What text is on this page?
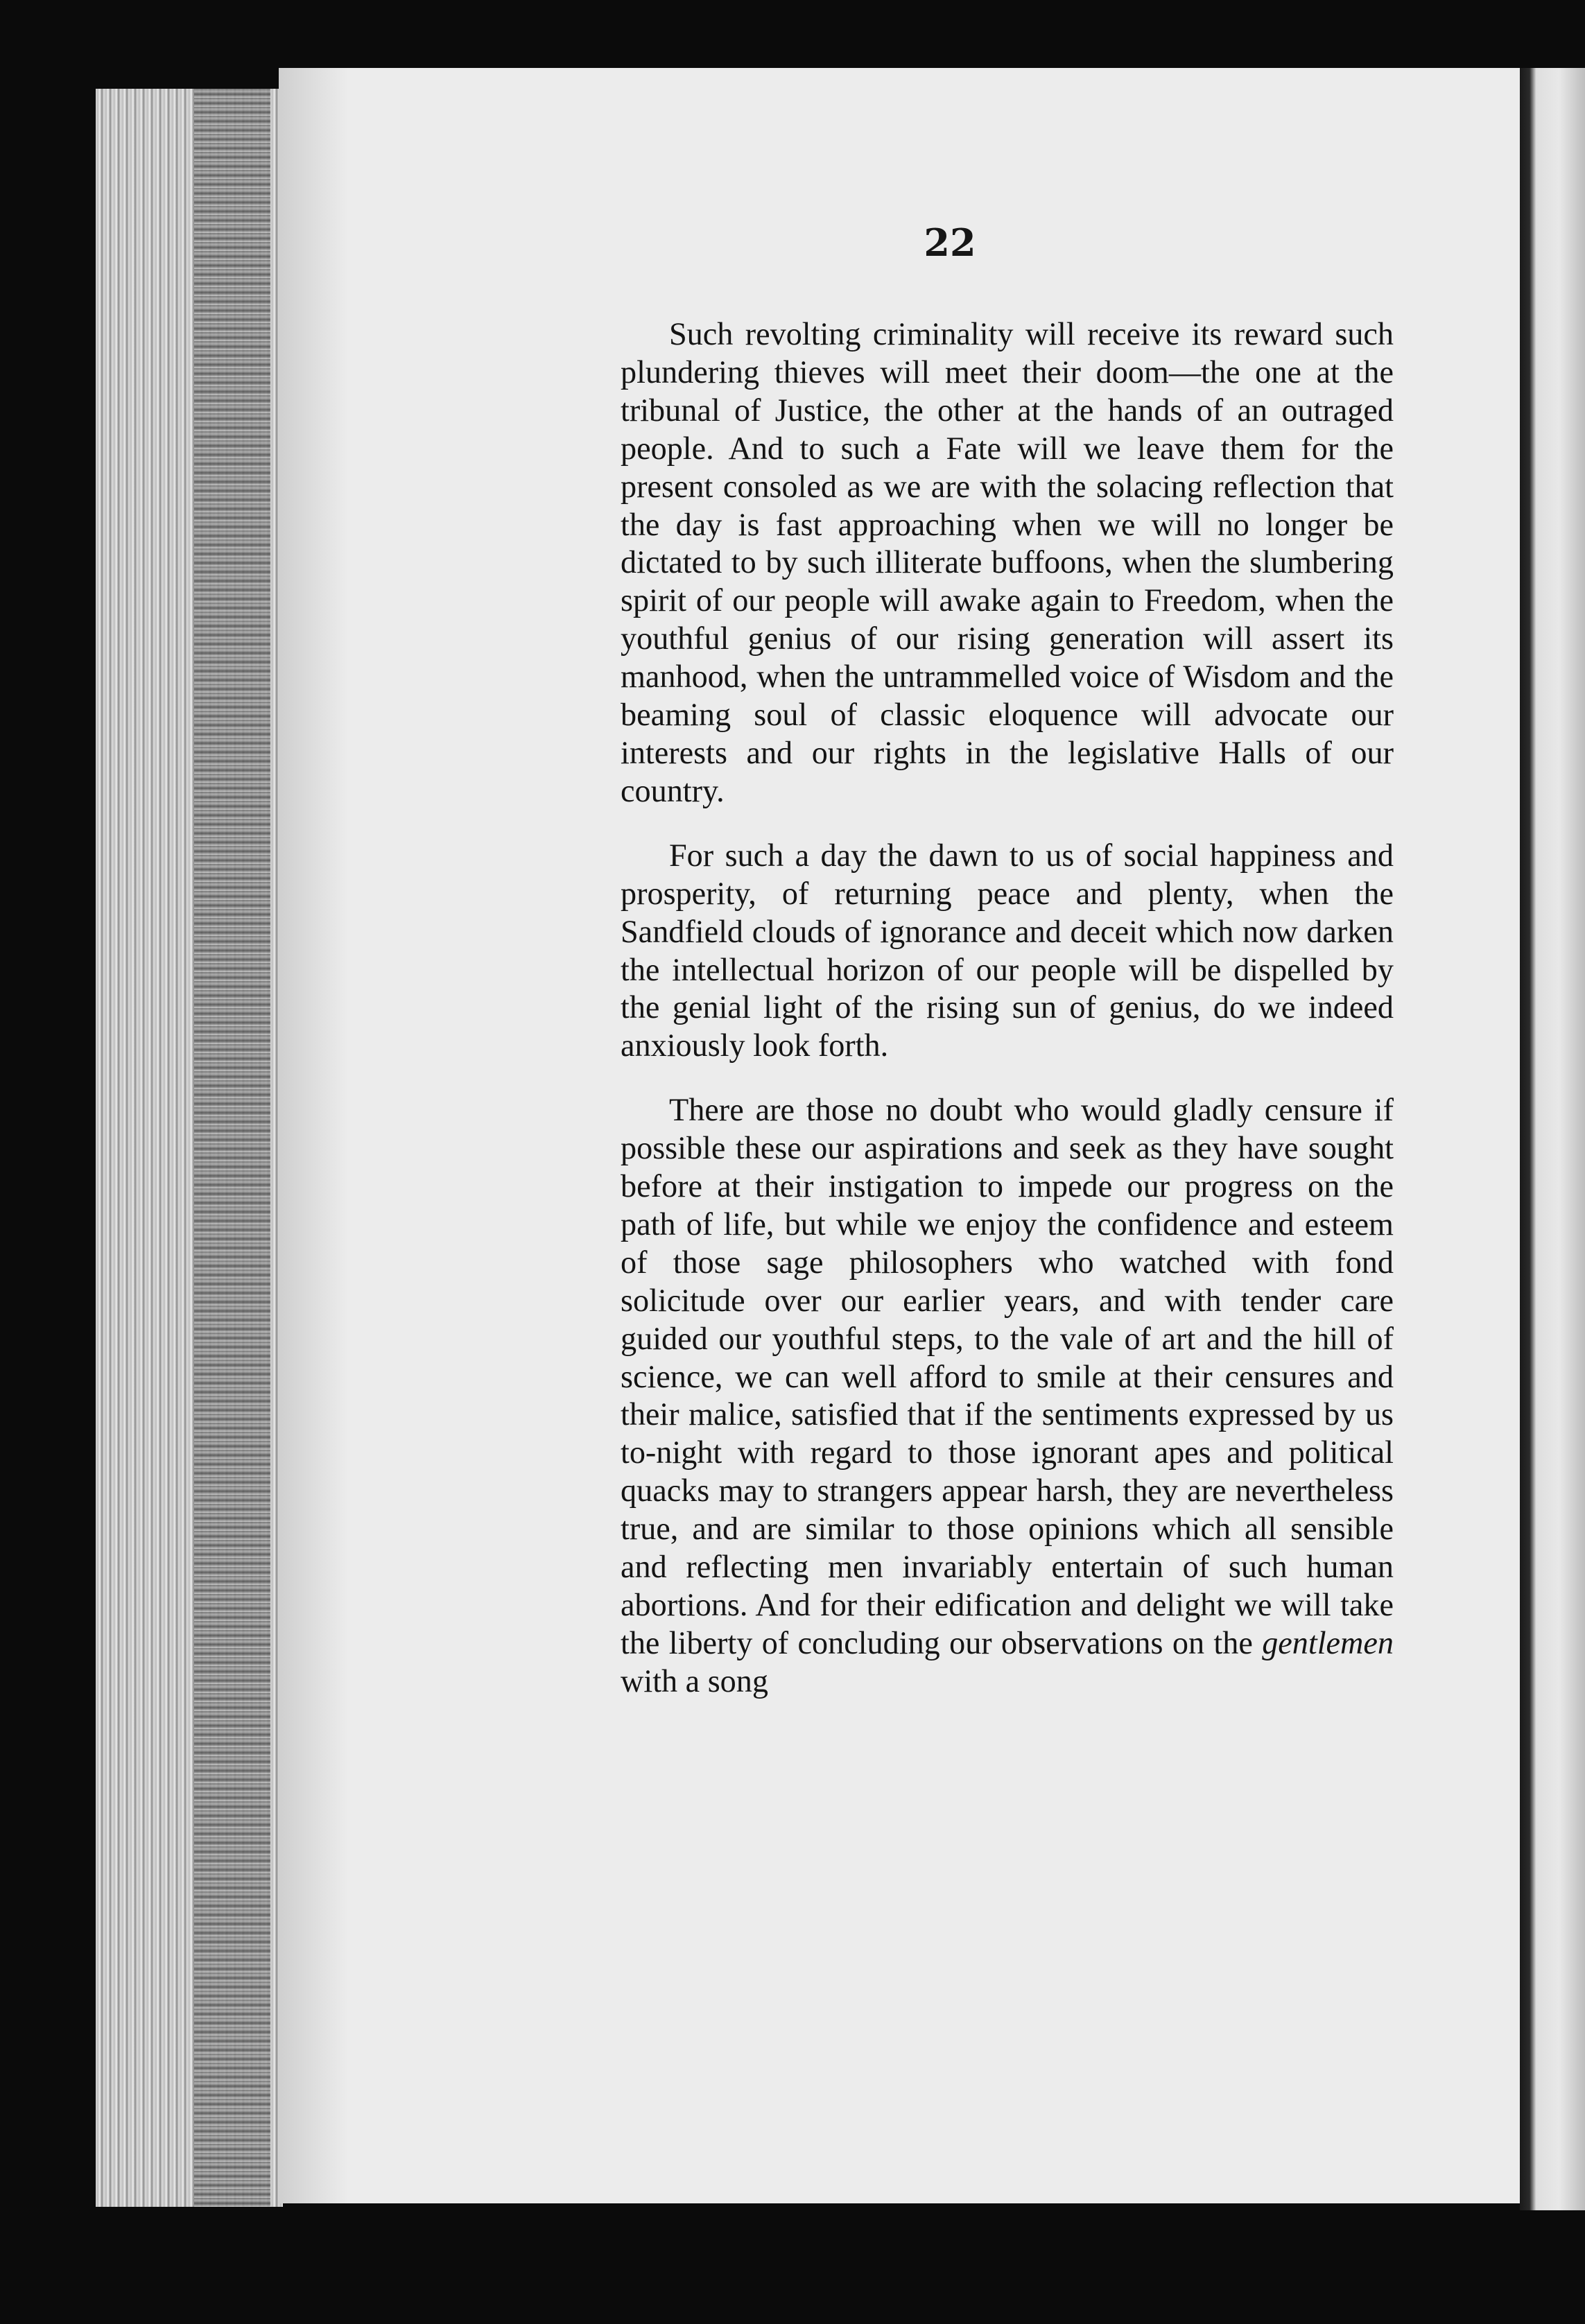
22

Such revolting criminality will receive its reward such plundering thieves will meet their doom—the one at the tribunal of Justice, the other at the hands of an outraged people. And to such a Fate will we leave them for the present consoled as we are with the solacing reflection that the day is fast approaching when we will no longer be dictated to by such illiterate buffoons, when the slumbering spirit of our people will awake again to Freedom, when the youthful genius of our rising generation will assert its manhood, when the untrammelled voice of Wisdom and the beaming soul of classic eloquence will advocate our interests and our rights in the legislative Halls of our country.

For such a day the dawn to us of social happiness and prosperity, of returning peace and plenty, when the Sandfield clouds of ignorance and deceit which now darken the intellectual horizon of our people will be dispelled by the genial light of the rising sun of genius, do we indeed anxiously look forth.

There are those no doubt who would gladly censure if possible these our aspirations and seek as they have sought before at their instigation to impede our progress on the path of life, but while we enjoy the confidence and esteem of those sage philosophers who watched with fond solicitude over our earlier years, and with tender care guided our youthful steps, to the vale of art and the hill of science, we can well afford to smile at their censures and their malice, satisfied that if the sentiments expressed by us to-night with regard to those ignorant apes and political quacks may to strangers appear harsh, they are nevertheless true, and are similar to those opinions which all sensible and reflecting men invariably entertain of such human abortions. And for their edification and delight we will take the liberty of concluding our observations on the gentlemen with a song
